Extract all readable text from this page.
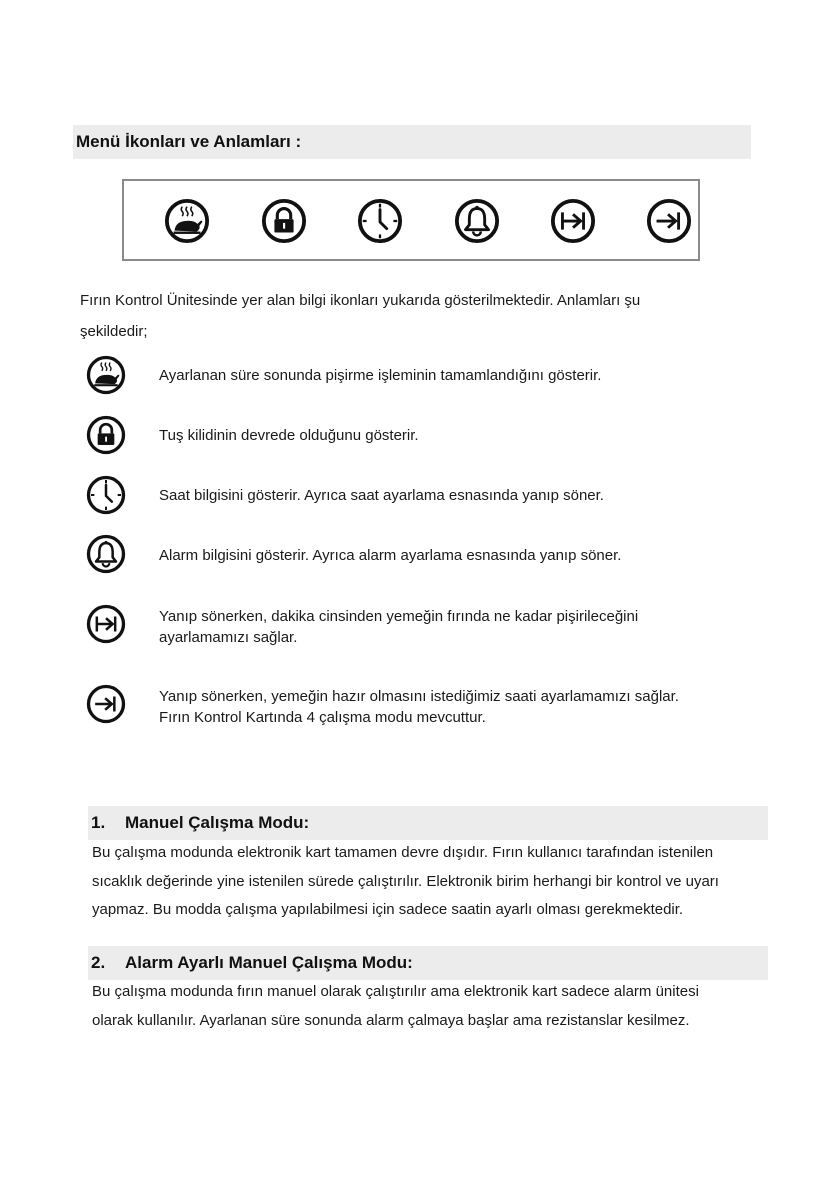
Menü İkonları ve Anlamları :
Fırın Kontrol Ünitesinde yer alan bilgi ikonları yukarıda gösterilmektedir. Anlamları şu
şekildedir;
Ayarlanan süre sonunda pişirme işleminin tamamlandığını gösterir.
Tuş kilidinin devrede olduğunu gösterir.
Saat bilgisini gösterir. Ayrıca saat ayarlama esnasında yanıp söner.
Alarm bilgisini gösterir. Ayrıca alarm ayarlama esnasında yanıp söner.
Yanıp sönerken, dakika cinsinden yemeğin fırında ne kadar pişirileceğini
ayarlamamızı sağlar.
Yanıp sönerken, yemeğin hazır olmasını istediğimiz saati ayarlamamızı sağlar.
Fırın Kontrol Kartında 4 çalışma modu mevcuttur.
1. Manuel Çalışma Modu:
Bu çalışma modunda elektronik kart tamamen devre dışıdır. Fırın kullanıcı tarafından istenilen
sıcaklık değerinde yine istenilen sürede çalıştırılır. Elektronik birim herhangi bir kontrol ve uyarı
yapmaz. Bu modda çalışma yapılabilmesi için sadece saatin ayarlı olması gerekmektedir.
2. Alarm Ayarlı Manuel Çalışma Modu:
Bu çalışma modunda fırın manuel olarak çalıştırılır ama elektronik kart sadece alarm ünitesi
olarak kullanılır. Ayarlanan süre sonunda alarm çalmaya başlar ama rezistanslar kesilmez.
